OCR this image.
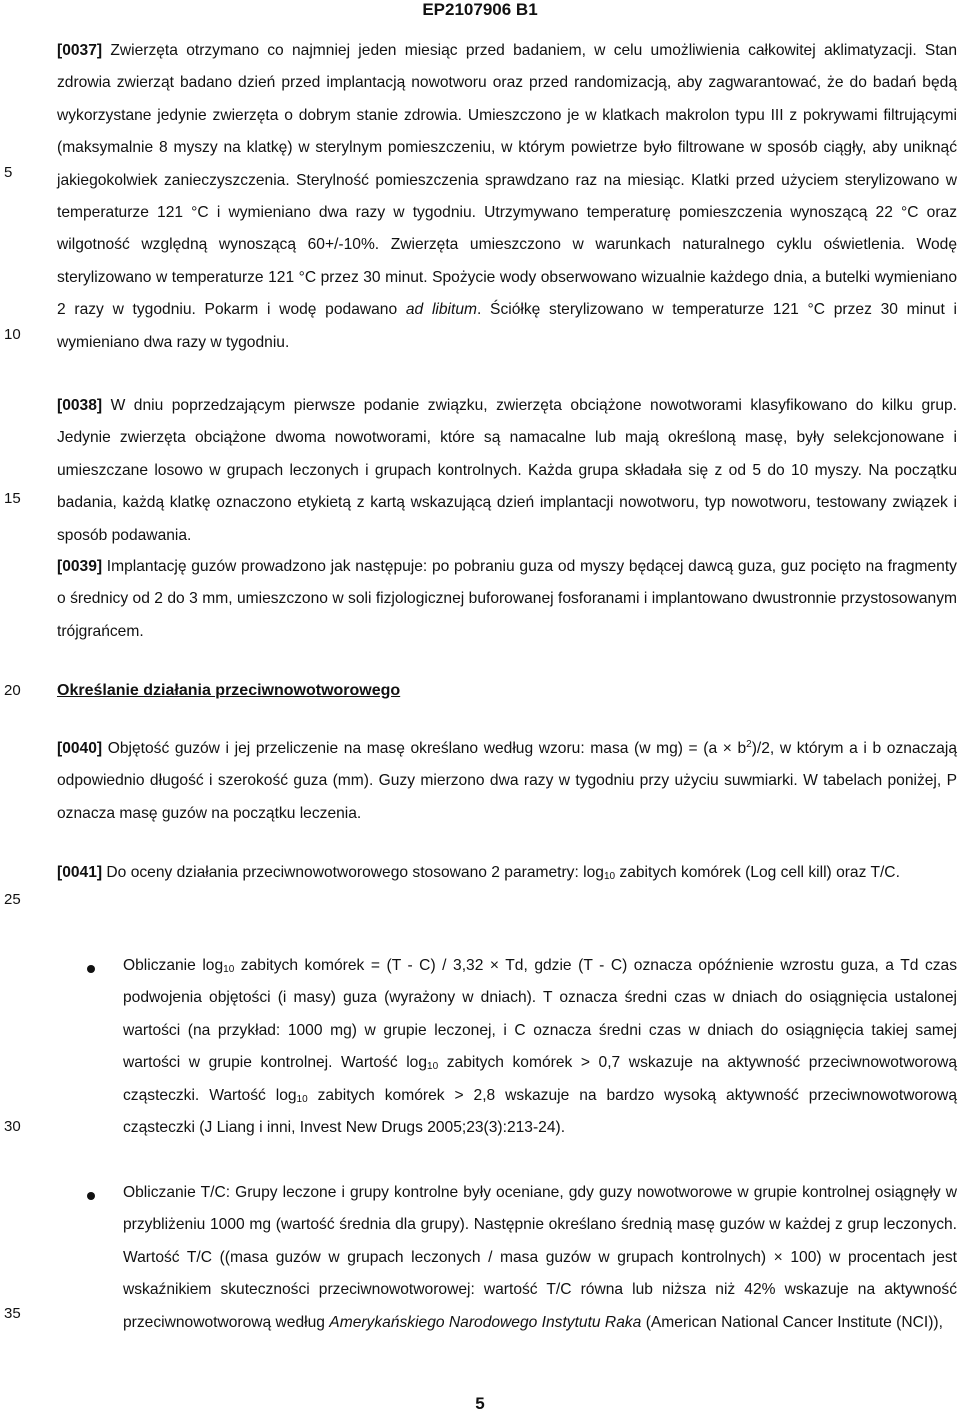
EP2107906 B1
5
10
15
20
25
30
35

[0037] Zwierzęta otrzymano co najmniej jeden miesiąc przed badaniem, w celu umożliwienia całkowitej aklimatyzacji. Stan zdrowia zwierząt badano dzień przed implantacją nowotworu oraz przed randomizacją, aby zagwarantować, że do badań będą wykorzystane jedynie zwierzęta o dobrym stanie zdrowia. Umieszczono je w klatkach makrolon typu III z pokrywami filtrującymi (maksymalnie 8 myszy na klatkę) w sterylnym pomieszczeniu, w którym powietrze było filtrowane w sposób ciągły, aby uniknąć jakiegokolwiek zanieczyszczenia. Sterylność pomieszczenia sprawdzano raz na miesiąc. Klatki przed użyciem sterylizowano w temperaturze 121 °C i wymieniano dwa razy w tygodniu. Utrzymywano temperaturę pomieszczenia wynoszącą 22 °C oraz wilgotność względną wynoszącą 60+/-10%. Zwierzęta umieszczono w warunkach naturalnego cyklu oświetlenia. Wodę sterylizowano w temperaturze 121 °C przez 30 minut. Spożycie wody obserwowano wizualnie każdego dnia, a butelki wymieniano 2 razy w tygodniu. Pokarm i wodę podawano ad libitum. Ściółkę sterylizowano w temperaturze 121 °C przez 30 minut i wymieniano dwa razy w tygodniu.

[0038] W dniu poprzedzającym pierwsze podanie związku, zwierzęta obciążone nowotworami klasyfikowano do kilku grup. Jedynie zwierzęta obciążone dwoma nowotworami, które są namacalne lub mają określoną masę, były selekcjonowane i umieszczane losowo w grupach leczonych i grupach kontrolnych. Każda grupa składała się z od 5 do 10 myszy. Na początku badania, każdą klatkę oznaczono etykietą z kartą wskazującą dzień implantacji nowotworu, typ nowotworu, testowany związek i sposób podawania.

[0039] Implantację guzów prowadzono jak następuje: po pobraniu guza od myszy będącej dawcą guza, guz pocięto na fragmenty o średnicy od 2 do 3 mm, umieszczono w soli fizjologicznej buforowanej fosforanami i implantowano dwustronnie przystosowanym trójgrańcem.

Określanie działania przeciwnowotworowego

[0040] Objętość guzów i jej przeliczenie na masę określano według wzoru: masa (w $mg) = (a \times b^2)/2$, w którym a i b oznaczają odpowiednio długość i szerokość guza (mm). Guzy mierzono dwa razy w tygodniu przy użyciu suwmiarki. W tabelach poniżej, P oznacza masę guzów na początku leczenia.

[0041] Do oceny działania przeciwnowotworowego stosowano 2 parametry: $\log_{10}$ zabitych komórek (Log cell kill) oraz T/C.

Obliczanie $\log_{10}$ zabitych komórek = (T - C) / 3,32 × Td, gdzie (T - C) oznacza opóźnienie wzrostu guza, a Td czas podwojenia objętości (i masy) guza (wyrażony w dniach). T oznacza średni czas w dniach do osiągnięcia ustalonej wartości (na przykład: 1000 mg) w grupie leczonej, i C oznacza średni czas w dniach do osiągnięcia takiej samej wartości w grupie kontrolnej. Wartość $\log_{10}$ zabitych komórek > 0,7 wskazuje na aktywność przeciwnowotworową cząsteczki. Wartość $\log_{10}$ zabitych komórek > 2,8 wskazuje na bardzo wysoką aktywność przeciwnowotworową cząsteczki (J Liang i inni, Invest New Drugs 2005;23(3):213-24).
Obliczanie T/C: Grupy leczone i grupy kontrolne były oceniane, gdy guzy nowotworowe w grupie kontrolnej osiągnęły w przybliżeniu 1000 mg (wartość średnia dla grupy). Następnie określano średnią masę guzów w każdej z grup leczonych. Wartość T/C ((masa guzów w grupach leczonych / masa guzów w grupach kontrolnych) × 100) w procentach jest wskaźnikiem skuteczności przeciwnowotworowej: wartość T/C równa lub niższa niż 42% wskazuje na aktywność przeciwnowotworową według Amerykańskiego Narodowego Instytutu Raka (American National Cancer Institute (NCI)),
5
